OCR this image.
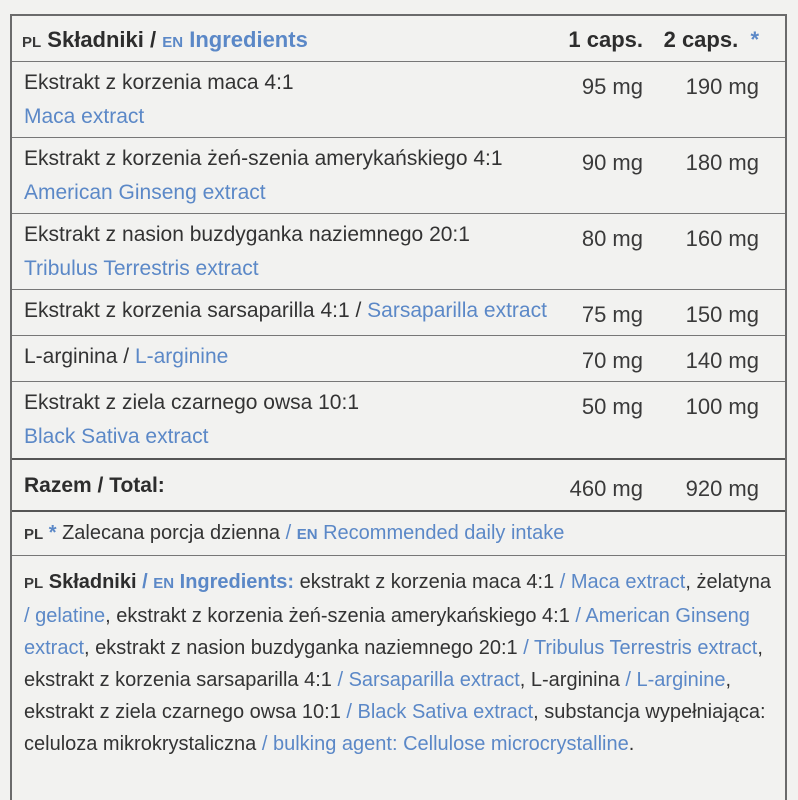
PL Składniki / EN Ingredients	1 caps. 2 caps. *
Ekstrakt z korzenia maca 4:1
Maca extract
95 mg 190 mg
Ekstrakt z korzenia żeń-szenia amerykańskiego 4:1
American Ginseng extract
90 mg 180 mg
Ekstrakt z nasion buzdyganka naziemnego 20:1
Tribulus Terrestris extract
80 mg 160 mg
Ekstrakt z korzenia sarsaparilla 4:1 / Sarsaparilla extract 75 mg 150 mg
L-arginina / L-arginine	70 mg 140 mg
Ekstrakt z ziela czarnego owsa 10:1
Black Sativa extract
50 mg 100 mg
Razem / Total:	460 mg 920 mg
PL * Zalecana porcja dzienna / EN Recommended daily intake
PL Składniki / EN Ingredients: ekstrakt z korzenia maca 4:1 / Maca extract, żelatyna / gelatine, ekstrakt z korzenia żeń-szenia amerykańskiego 4:1 / American Ginseng extract, ekstrakt z nasion buzdyganka naziemnego 20:1 / Tribulus Terrestris extract, ekstrakt z korzenia sarsaparilla 4:1 / Sarsaparilla extract, L-arginina / L-arginine, ekstrakt z ziela czarnego owsa 10:1 / Black Sativa extract, substancja wypełniająca: celuloza mikrokrystaliczna / bulking agent: Cellulose microcrystalline.
